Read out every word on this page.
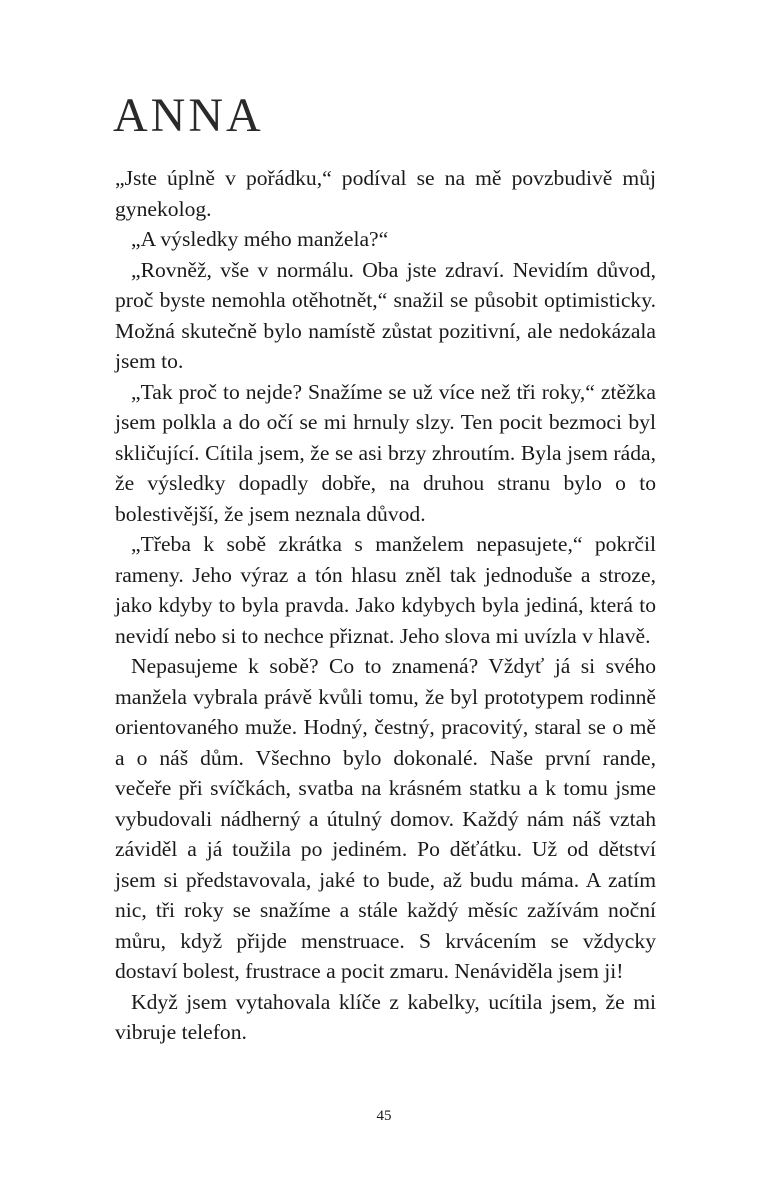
ANNA

„Jste úplně v pořádku,“ podíval se na mě povzbudivě můj gynekolog.

„A výsledky mého manžela?“

„Rovněž, vše v normálu. Oba jste zdraví. Nevidím důvod, proč byste nemohla otěhotnět,“ snažil se působit optimisticky. Možná skutečně bylo namístě zůstat pozitivní, ale nedokázala jsem to.

„Tak proč to nejde? Snažíme se už více než tři roky,“ ztěžka jsem polkla a do očí se mi hrnuly slzy. Ten pocit bezmoci byl skličující. Cítila jsem, že se asi brzy zhroutím. Byla jsem ráda, že výsledky dopadly dobře, na druhou stranu bylo o to bolestivější, že jsem neznala důvod.

„Třeba k sobě zkrátka s manželem nepasujete,“ pokrčil rameny. Jeho výraz a tón hlasu zněl tak jednoduše a stroze, jako kdyby to byla pravda. Jako kdybych byla jediná, která to nevidí nebo si to nechce přiznat. Jeho slova mi uvízla v hlavě.

Nepasujeme k sobě? Co to znamená? Vždyť já si svého manžela vybrala právě kvůli tomu, že byl prototypem rodinně orientovaného muže. Hodný, čestný, pracovitý, staral se o mě a o náš dům. Všechno bylo dokonalé. Naše první rande, večeře při svíčkách, svatba na krásném statku a k tomu jsme vybudovali nádherný a útulný domov. Každý nám náš vztah záviděl a já toužila po jediném. Po děťátku. Už od dětství jsem si představovala, jaké to bude, až budu máma. A zatím nic, tři roky se snažíme a stále každý měsíc zažívám noční můru, když přijde menstruace. S krvácením se vždycky dostaví bolest, frustrace a pocit zmaru. Nenáviděla jsem ji!

Když jsem vytahovala klíče z kabelky, ucítila jsem, že mi vibruje telefon.

45
